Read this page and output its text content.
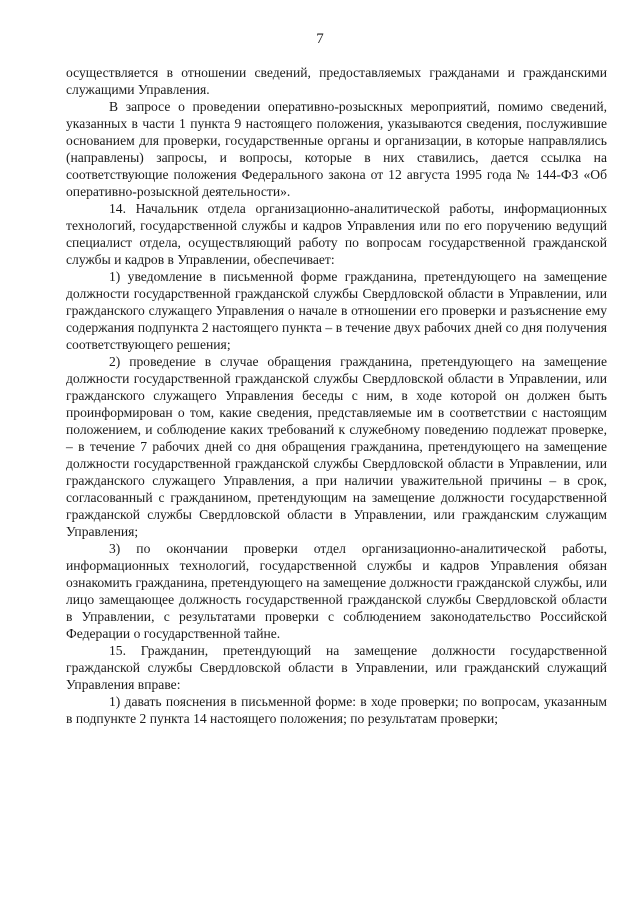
7

осуществляется в отношении сведений, предоставляемых гражданами и гражданскими служащими Управления.

В запросе о проведении оперативно-розыскных мероприятий, помимо сведений, указанных в части 1 пункта 9 настоящего положения, указываются сведения, послужившие основанием для проверки, государственные органы и организации, в которые направлялись (направлены) запросы, и вопросы, которые в них ставились, дается ссылка на соответствующие положения Федерального закона от 12 августа 1995 года № 144-ФЗ «Об оперативно-розыскной деятельности».

14. Начальник отдела организационно-аналитической работы, информационных технологий, государственной службы и кадров Управления или по его поручению ведущий специалист отдела, осуществляющий работу по вопросам государственной гражданской службы и кадров в Управлении, обеспечивает:

1) уведомление в письменной форме гражданина, претендующего на замещение должности государственной гражданской службы Свердловской области в Управлении, или гражданского служащего Управления о начале в отношении его проверки и разъяснение ему содержания подпункта 2 настоящего пункта – в течение двух рабочих дней со дня получения соответствующего решения;

2) проведение в случае обращения гражданина, претендующего на замещение должности государственной гражданской службы Свердловской области в Управлении, или гражданского служащего Управления беседы с ним, в ходе которой он должен быть проинформирован о том, какие сведения, представляемые им в соответствии с настоящим положением, и соблюдение каких требований к служебному поведению подлежат проверке, – в течение 7 рабочих дней со дня обращения гражданина, претендующего на замещение должности государственной гражданской службы Свердловской области в Управлении, или гражданского служащего Управления, а при наличии уважительной причины – в срок, согласованный с гражданином, претендующим на замещение должности государственной гражданской службы Свердловской области в Управлении, или гражданским служащим Управления;

3) по окончании проверки отдел организационно-аналитической работы, информационных технологий, государственной службы и кадров Управления обязан ознакомить гражданина, претендующего на замещение должности гражданской службы, или лицо замещающее должность государственной гражданской службы Свердловской области в Управлении, с результатами проверки с соблюдением законодательство Российской Федерации о государственной тайне.

15. Гражданин, претендующий на замещение должности государственной гражданской службы Свердловской области в Управлении, или гражданский служащий Управления вправе:

1) давать пояснения в письменной форме: в ходе проверки; по вопросам, указанным в подпункте 2 пункта 14 настоящего положения; по результатам проверки;
